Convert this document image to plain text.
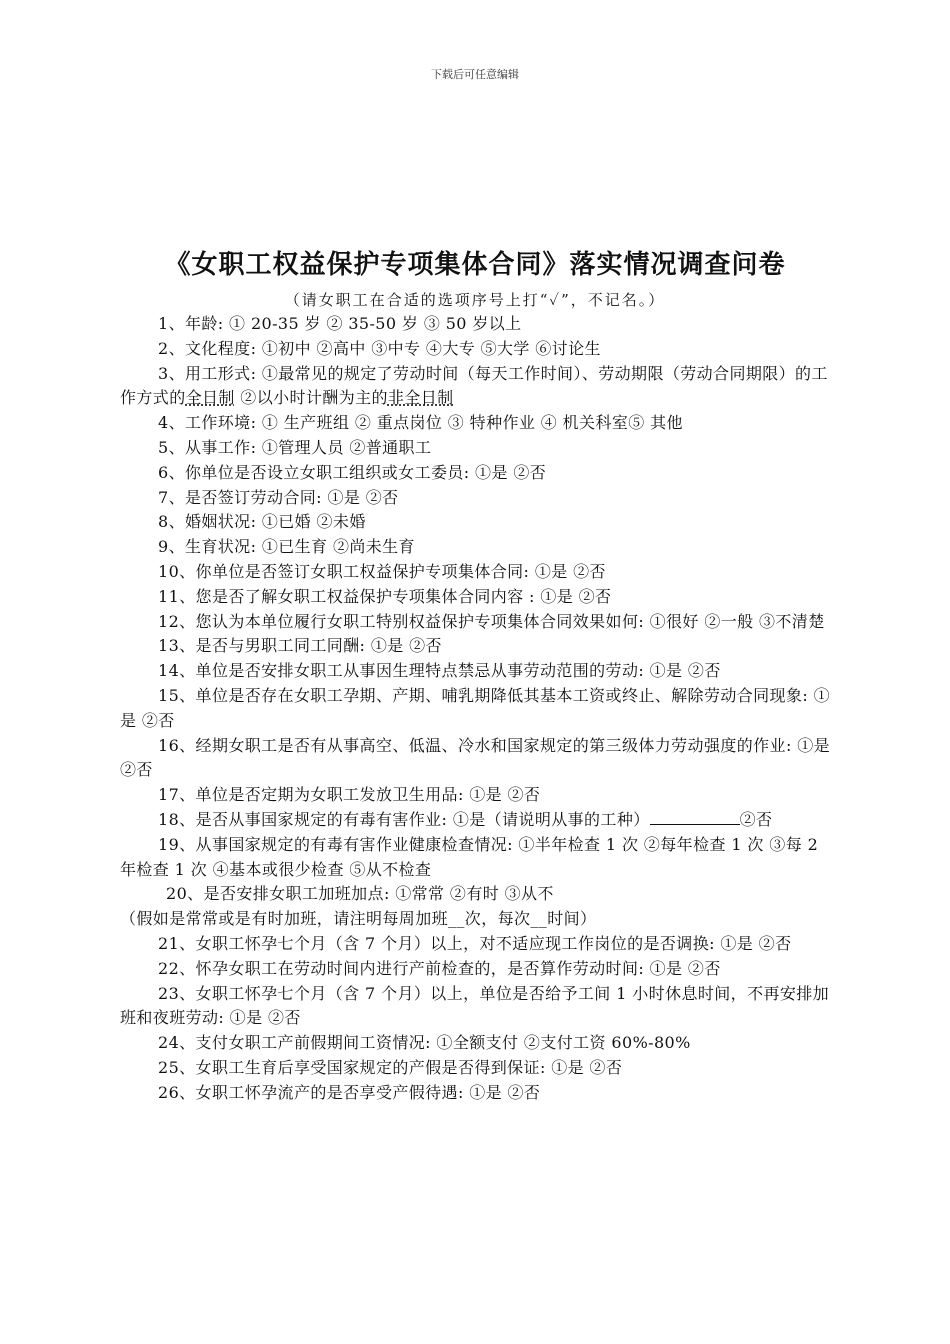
下载后可任意编辑
《女职工权益保护专项集体合同》落实情况调查问卷
（请女职工在合适的选项序号上打“✓”，不记名。）

1、年龄: ① 20-35 岁 ② 35-50 岁 ③ 50 岁以上

2、文化程度: ①初中 ②高中 ③中专 ④大专 ⑤大学 ⑥讨论生

3、用工形式: ①最常见的规定了劳动时间（每天工作时间）、劳动期限（劳动合同期限）的工作方式的全日制 ②以小时计酬为主的非全日制

4、工作环境: ① 生产班组 ② 重点岗位 ③ 特种作业 ④ 机关科室⑤ 其他

5、从事工作: ①管理人员 ②普通职工

6、你单位是否设立女职工组织或女工委员: ①是 ②否

7、是否签订劳动合同: ①是 ②否

8、婚姻状况: ①已婚 ②未婚

9、生育状况: ①已生育 ②尚未生育

10、你单位是否签订女职工权益保护专项集体合同: ①是 ②否

11、您是否了解女职工权益保护专项集体合同内容 : ①是 ②否

12、您认为本单位履行女职工特别权益保护专项集体合同效果如何: ①很好 ②一般 ③不清楚

13、是否与男职工同工同酬: ①是 ②否

14、单位是否安排女职工从事因生理特点禁忌从事劳动范围的劳动: ①是 ②否

15、单位是否存在女职工孕期、产期、哺乳期降低其基本工资或终止、解除劳动合同现象: ①是 ②否

16、经期女职工是否有从事高空、低温、冷水和国家规定的第三级体力劳动强度的作业: ①是 ②否

17、单位是否定期为女职工发放卫生用品: ①是 ②否

18、是否从事国家规定的有毒有害作业: ①是（请说明从事的工种）	②否

19、从事国家规定的有毒有害作业健康检查情况: ①半年检查 1 次 ②每年检查 1 次 ③每 2 年检查 1 次 ④基本或很少检查 ⑤从不检查

20、是否安排女职工加班加点: ①常常 ②有时 ③从不

（假如是常常或是有时加班，请注明每周加班__次，每次__时间）

21、女职工怀孕七个月（含 7 个月）以上，对不适应现工作岗位的是否调换: ①是 ②否

22、怀孕女职工在劳动时间内进行产前检查的，是否算作劳动时间: ①是 ②否

23、女职工怀孕七个月（含 7 个月）以上，单位是否给予工间 1 小时休息时间，不再安排加班和夜班劳动: ①是 ②否

24、支付女职工产前假期间工资情况: ①全额支付 ②支付工资 60%-80%

25、女职工生育后享受国家规定的产假是否得到保证: ①是 ②否

26、女职工怀孕流产的是否享受产假待遇: ①是 ②否
